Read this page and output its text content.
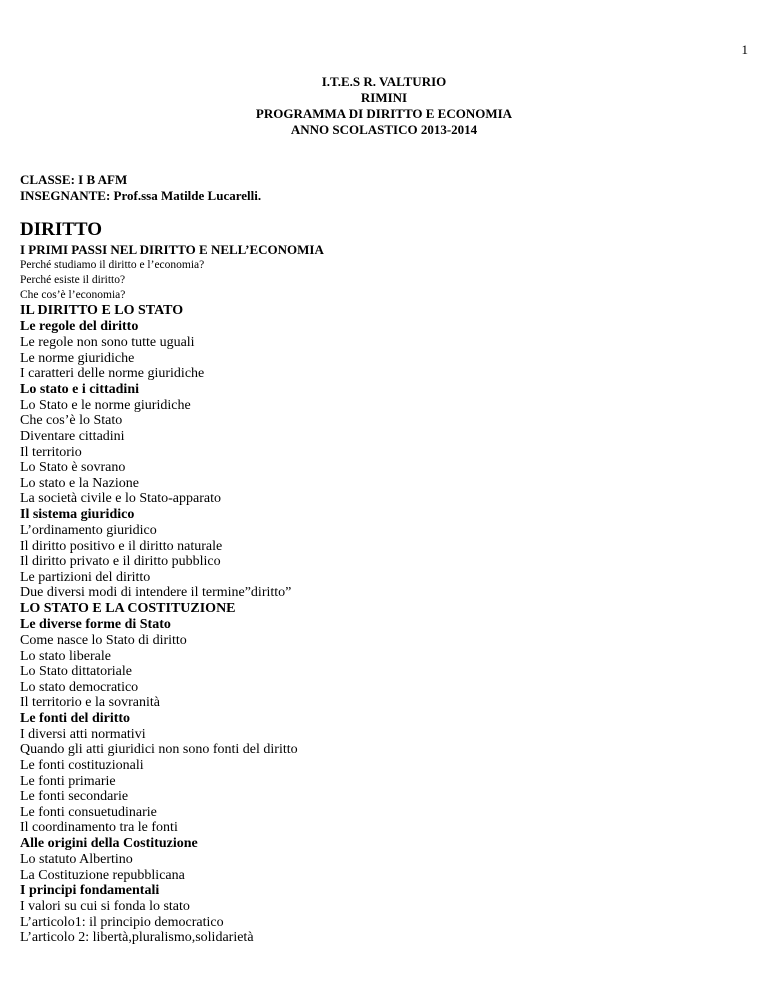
1
I.T.E.S R. VALTURIO
RIMINI
PROGRAMMA DI DIRITTO E ECONOMIA
ANNO SCOLASTICO 2013-2014
CLASSE: I B AFM
INSEGNANTE: Prof.ssa Matilde Lucarelli.
DIRITTO
I PRIMI PASSI NEL DIRITTO E NELL’ECONOMIA
Perché studiamo il diritto e l’economia?
Perché esiste il diritto?
Che cos’è l’economia?
IL DIRITTO E LO STATO
Le regole del diritto
Le regole non sono tutte uguali
Le norme giuridiche
I caratteri delle norme giuridiche
Lo stato e i cittadini
Lo Stato e le norme giuridiche
Che cos’è lo Stato
Diventare cittadini
Il territorio
Lo Stato è sovrano
Lo stato e la Nazione
La società civile e lo Stato-apparato
Il sistema giuridico
L’ordinamento giuridico
Il diritto positivo e il diritto naturale
Il diritto privato e il diritto pubblico
Le partizioni del diritto
Due diversi modi di intendere il termine”diritto”
LO STATO E LA COSTITUZIONE
Le diverse forme di Stato
Come nasce lo Stato di diritto
Lo stato liberale
Lo Stato dittatoriale
Lo stato democratico
Il territorio e la sovranità
Le fonti del diritto
I diversi atti normativi
Quando gli atti giuridici non sono fonti del diritto
Le fonti costituzionali
Le fonti primarie
Le fonti secondarie
Le fonti consuetudinarie
Il coordinamento tra le fonti
Alle origini della Costituzione
Lo statuto Albertino
La Costituzione repubblicana
I principi fondamentali
I valori su cui si fonda lo stato
L’articolo1: il principio democratico
L’articolo 2: libertà,pluralismo,solidarietà
